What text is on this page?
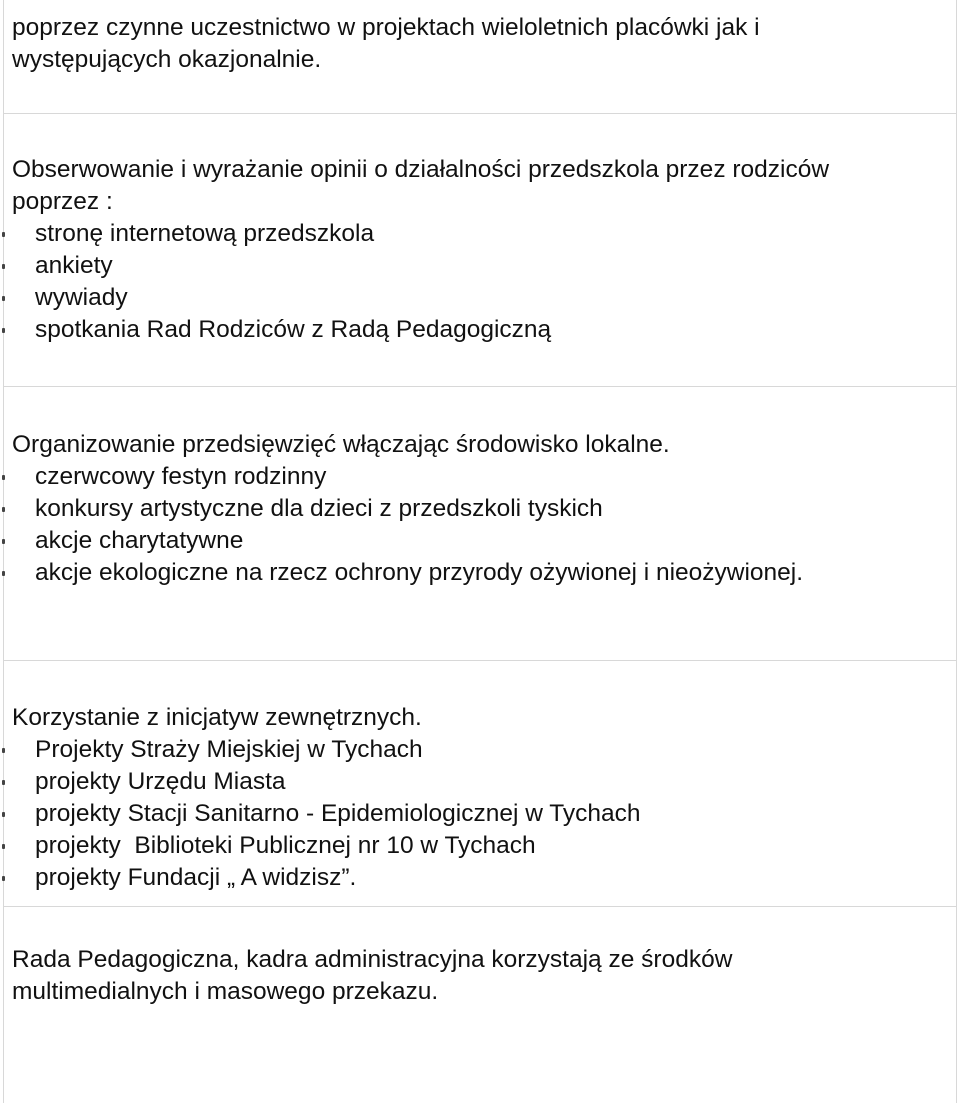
poprzez czynne uczestnictwo w projektach wieloletnich placówki jak i

występujących okazjonalnie.

Obserwowanie i wyrażanie opinii o działalności przedszkola przez rodziców

poprzez :

stronę internetową przedszkola
ankiety
wywiady
spotkania Rad Rodziców z Radą Pedagogiczną

Organizowanie przedsięwzięć włączając środowisko lokalne.

czerwcowy festyn rodzinny
konkursy artystyczne dla dzieci z przedszkoli tyskich
akcje charytatywne
akcje ekologiczne na rzecz ochrony przyrody ożywionej i nieożywionej.

Korzystanie z inicjatyw zewnętrznych.

Projekty Straży Miejskiej w Tychach
projekty Urzędu Miasta
projekty Stacji Sanitarno - Epidemiologicznej w Tychach
projekty  Biblioteki Publicznej nr 10 w Tychach
projekty Fundacji „ A widzisz”.

Rada Pedagogiczna, kadra administracyjna korzystają ze środków

multimedialnych i masowego przekazu.
